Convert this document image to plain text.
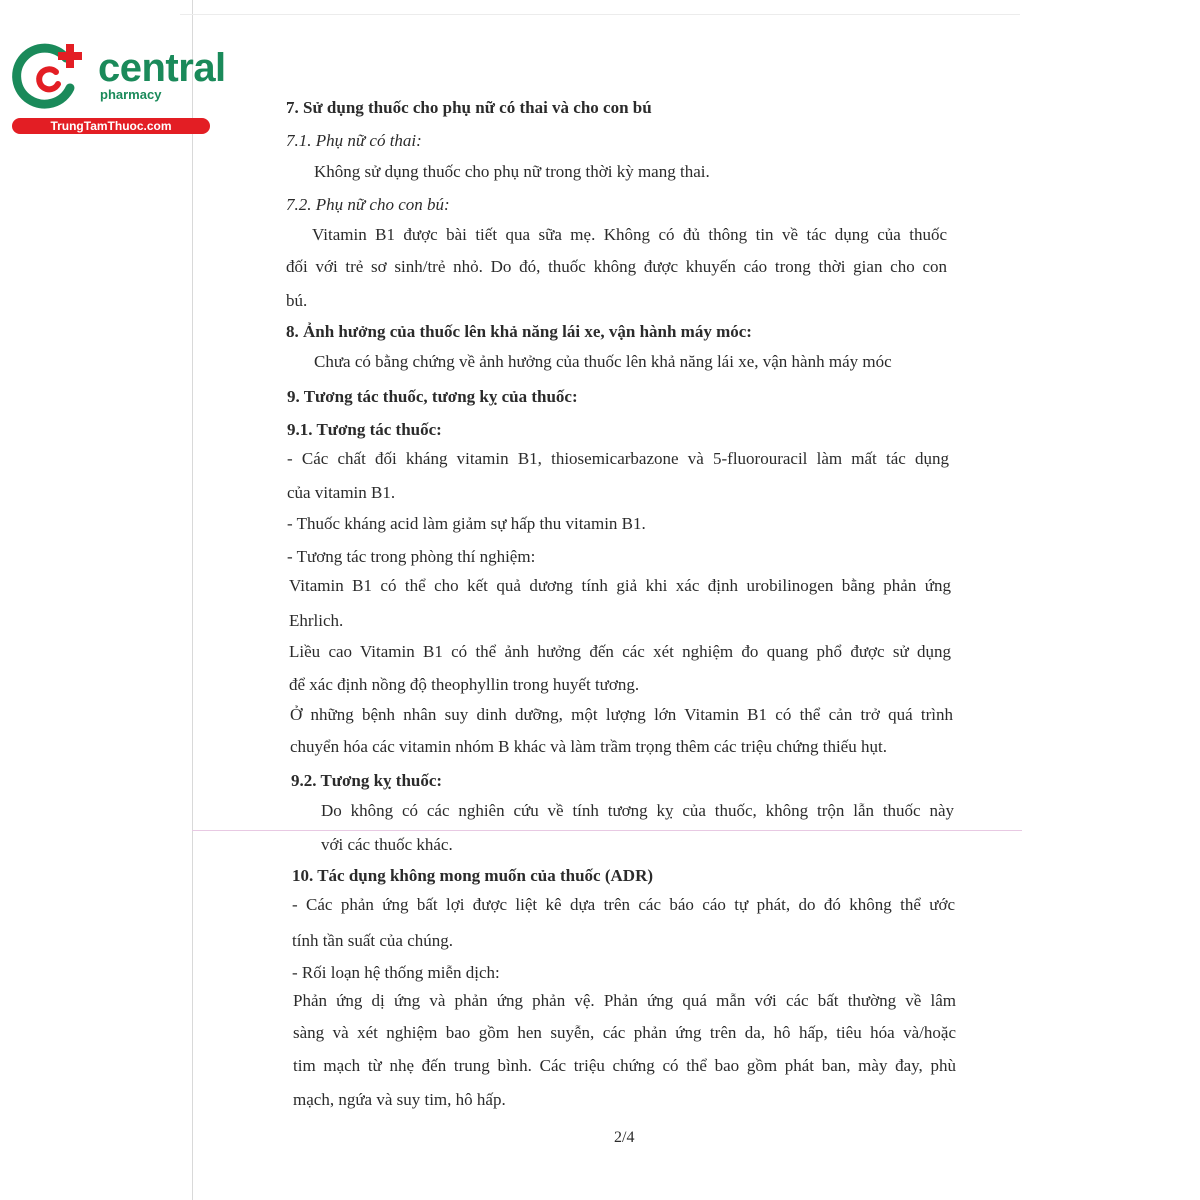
central
pharmacy
TrungTamThuoc.com
7. Sử dụng thuốc cho phụ nữ có thai và cho con bú
7.1. Phụ nữ có thai:
Không sử dụng thuốc cho phụ nữ trong thời kỳ mang thai.
7.2. Phụ nữ cho con bú:
Vitamin B1 được bài tiết qua sữa mẹ. Không có đủ thông tin về tác dụng của thuốc
đối với trẻ sơ sinh/trẻ nhỏ. Do đó, thuốc không được khuyến cáo trong thời gian cho con
bú.
8. Ảnh hưởng của thuốc lên khả năng lái xe, vận hành máy móc:
Chưa có bằng chứng về ảnh hưởng của thuốc lên khả năng lái xe, vận hành máy móc
9. Tương tác thuốc, tương kỵ của thuốc:
9.1. Tương tác thuốc:
- Các chất đối kháng vitamin B1, thiosemicarbazone và 5-fluorouracil làm mất tác dụng
của vitamin B1.
- Thuốc kháng acid làm giảm sự hấp thu vitamin B1.
- Tương tác trong phòng thí nghiệm:
Vitamin B1 có thể cho kết quả dương tính giả khi xác định urobilinogen bằng phản ứng
Ehrlich.
Liều cao Vitamin B1 có thể ảnh hưởng đến các xét nghiệm đo quang phổ được sử dụng
để xác định nồng độ theophyllin trong huyết tương.
Ở những bệnh nhân suy dinh dưỡng, một lượng lớn Vitamin B1 có thể cản trở quá trình
chuyển hóa các vitamin nhóm B khác và làm trầm trọng thêm các triệu chứng thiếu hụt.
9.2. Tương kỵ thuốc:
Do không có các nghiên cứu về tính tương kỵ của thuốc, không trộn lẫn thuốc này
với các thuốc khác.
10. Tác dụng không mong muốn của thuốc (ADR)
- Các phản ứng bất lợi được liệt kê dựa trên các báo cáo tự phát, do đó không thể ước
tính tần suất của chúng.
- Rối loạn hệ thống miễn dịch:
Phản ứng dị ứng và phản ứng phản vệ. Phản ứng quá mẫn với các bất thường về lâm
sàng và xét nghiệm bao gồm hen suyễn, các phản ứng trên da, hô hấp, tiêu hóa và/hoặc
tim mạch từ nhẹ đến trung bình. Các triệu chứng có thể bao gồm phát ban, mày đay, phù
mạch, ngứa và suy tim, hô hấp.
2/4
